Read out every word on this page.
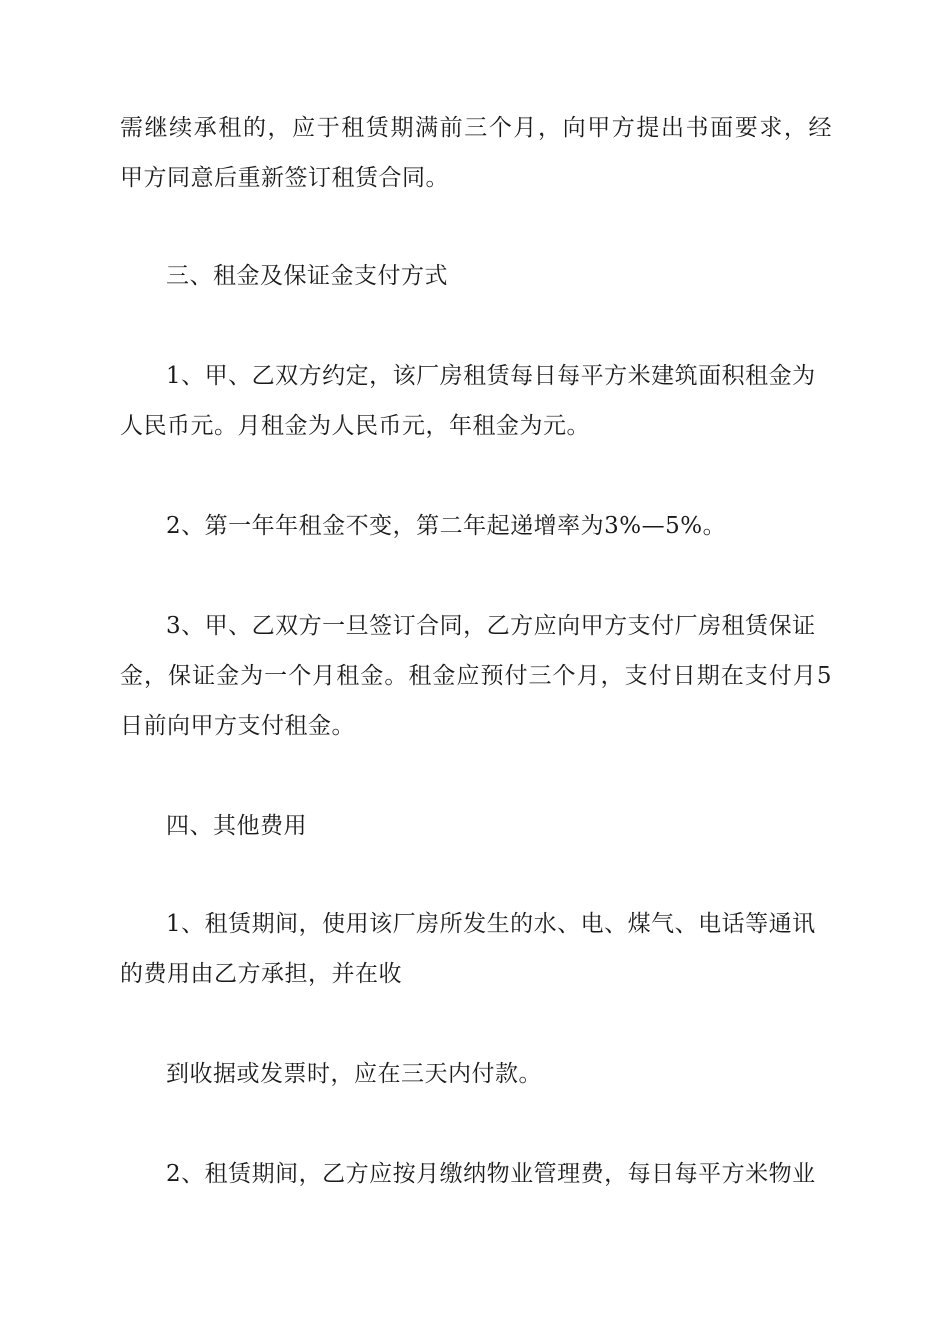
需继续承租的，应于租赁期满前三个月，向甲方提出书面要求，经
甲方同意后重新签订租赁合同。
三、租金及保证金支付方式
1、甲、乙双方约定，该厂房租赁每日每平方米建筑面积租金为
人民币元。月租金为人民币元，年租金为元。
2、第一年年租金不变，第二年起递增率为3%—5%。
3、甲、乙双方一旦签订合同，乙方应向甲方支付厂房租赁保证
金，保证金为一个月租金。租金应预付三个月，支付日期在支付月5
日前向甲方支付租金。
四、其他费用
1、租赁期间，使用该厂房所发生的水、电、煤气、电话等通讯
的费用由乙方承担，并在收
到收据或发票时，应在三天内付款。
2、租赁期间，乙方应按月缴纳物业管理费，每日每平方米物业
